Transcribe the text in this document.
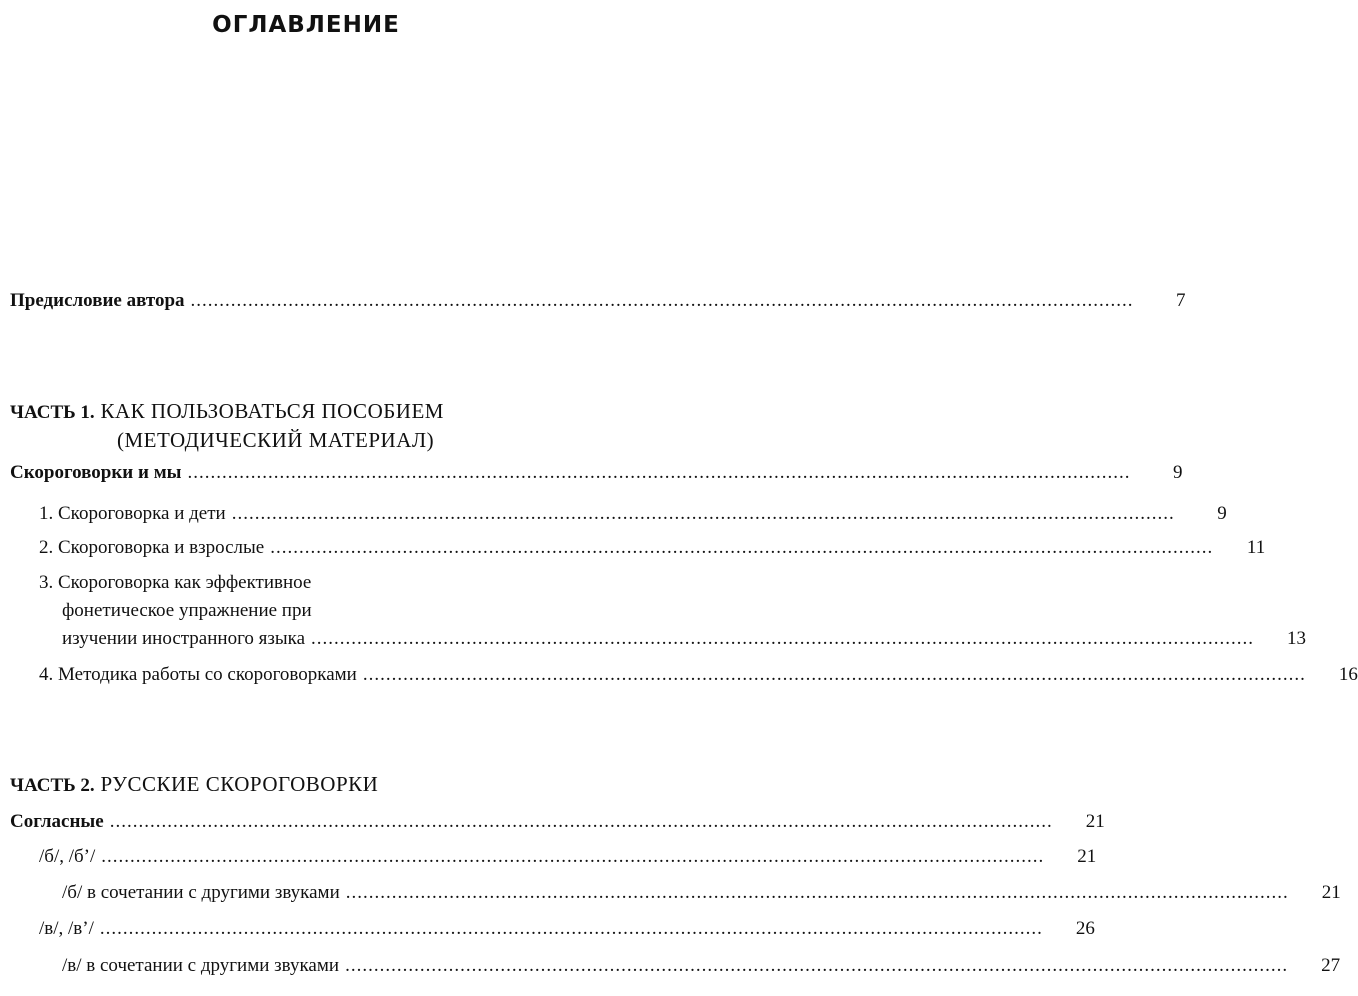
ОГЛАВЛЕНИЕ
Предисловие автора ....................................................................................................................................................................	7
ЧАСТЬ 1. КАК ПОЛЬЗОВАТЬСЯ ПОСОБИЕМ
(МЕТОДИЧЕСКИЙ МАТЕРИАЛ)
Скороговорки и мы ....................................................................................................................................................................	9
1. Скороговорка и дети ....................................................................................................................................................................	9
2. Скороговорка и взрослые ....................................................................................................................................................................	11
3. Скороговорка как эффективное
фонетическое упражнение при
изучении иностранного языка ....................................................................................................................................................................	13
4. Методика работы со скороговорками ....................................................................................................................................................................	16
ЧАСТЬ 2. РУССКИЕ СКОРОГОВОРКИ
Согласные ....................................................................................................................................................................	21
/б/, /б’/ ....................................................................................................................................................................	21
/б/ в сочетании с другими звуками ....................................................................................................................................................................	21
/в/, /в’/ ....................................................................................................................................................................	26
/в/ в сочетании с другими звуками ....................................................................................................................................................................	27
